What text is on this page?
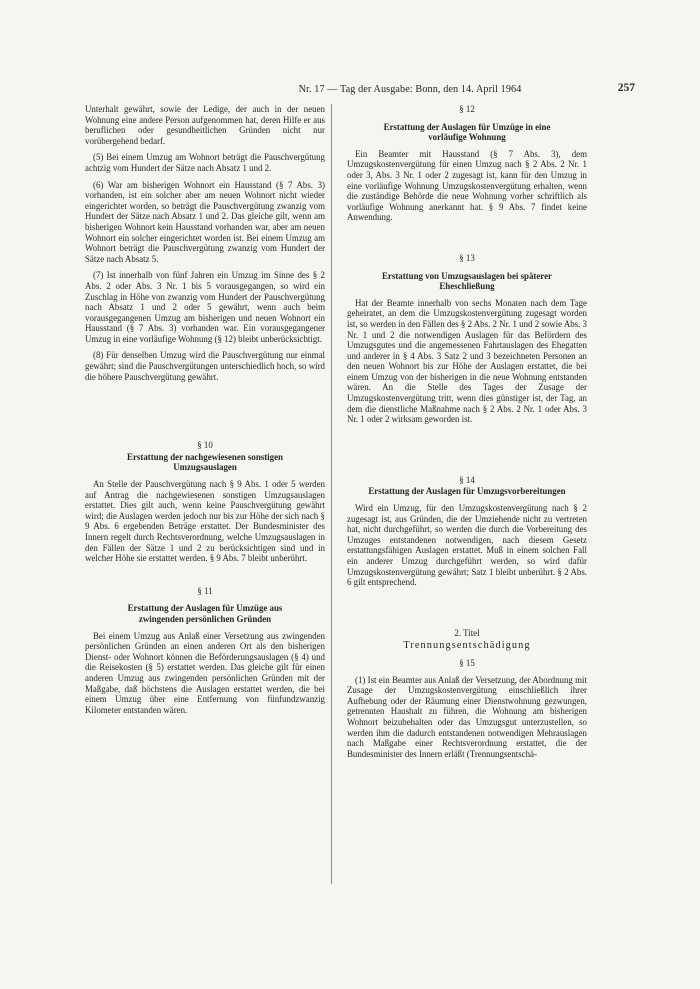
Nr. 17 — Tag der Ausgabe: Bonn, den 14. April 1964	257

Unterhalt gewährt, sowie der Ledige, der auch in der neuen Wohnung eine andere Person aufgenommen hat, deren Hilfe er aus beruflichen oder gesundheitlichen Gründen nicht nur vorübergehend bedarf.

(5) Bei einem Umzug am Wohnort beträgt die Pauschvergütung achtzig vom Hundert der Sätze nach Absatz 1 und 2.

(6) War am bisherigen Wohnort ein Hausstand (§ 7 Abs. 3) vorhanden, ist ein solcher aber am neuen Wohnort nicht wieder eingerichtet worden, so beträgt die Pauschvergütung zwanzig vom Hundert der Sätze nach Absatz 1 und 2. Das gleiche gilt, wenn am bisherigen Wohnort kein Hausstand vorhanden war, aber am neuen Wohnort ein solcher eingerichtet worden ist. Bei einem Umzug am Wohnort beträgt die Pauschvergütung zwanzig vom Hundert der Sätze nach Absatz 5.

(7) Ist innerhalb von fünf Jahren ein Umzug im Sinne des § 2 Abs. 2 oder Abs. 3 Nr. 1 bis 5 vorausgegangen, so wird ein Zuschlag in Höhe von zwanzig vom Hundert der Pauschvergütung nach Absatz 1 und 2 oder 5 gewährt, wenn auch beim vorausgegangenen Umzug am bisherigen und neuen Wohnort ein Hausstand (§ 7 Abs. 3) vorhanden war. Ein vorausgegangener Umzug in eine vorläufige Wohnung (§ 12) bleibt unberücksichtigt.

(8) Für denselben Umzug wird die Pauschvergütung nur einmal gewährt; sind die Pauschvergütungen unterschiedlich hoch, so wird die höhere Pauschvergütung gewährt.

§ 10

Erstattung der nachgewiesenen sonstigen Umzugsauslagen

An Stelle der Pauschvergütung nach § 9 Abs. 1 oder 5 werden auf Antrag die nachgewiesenen sonstigen Umzugsauslagen erstattet. Dies gilt auch, wenn keine Pauschvergütung gewährt wird; die Auslagen werden jedoch nur bis zur Höhe der sich nach § 9 Abs. 6 ergebenden Beträge erstattet. Der Bundesminister des Innern regelt durch Rechtsverordnung, welche Umzugsauslagen in den Fällen der Sätze 1 und 2 zu berücksichtigen sind und in welcher Höhe sie erstattet werden. § 9 Abs. 7 bleibt unberührt.

§ 11

Erstattung der Auslagen für Umzüge aus zwingenden persönlichen Gründen

Bei einem Umzug aus Anlaß einer Versetzung aus zwingenden persönlichen Gründen an einen anderen Ort als den bisherigen Dienst- oder Wohnort können die Beförderungsauslagen (§ 4) und die Reisekosten (§ 5) erstattet werden. Das gleiche gilt für einen anderen Umzug aus zwingenden persönlichen Gründen mit der Maßgabe, daß höchstens die Auslagen erstattet werden, die bei einem Umzug über eine Entfernung von fünfundzwanzig Kilometer entstanden wären.

§ 12

Erstattung der Auslagen für Umzüge in eine vorläufige Wohnung

Ein Beamter mit Hausstand (§ 7 Abs. 3), dem Umzugskostenvergütung für einen Umzug nach § 2 Abs. 2 Nr. 1 oder 3, Abs. 3 Nr. 1 oder 2 zugesagt ist, kann für den Umzug in eine vorläufige Wohnung Umzugskostenvergütung erhalten, wenn die zuständige Behörde die neue Wohnung vorher schriftlich als vorläufige Wohnung anerkannt hat. § 9 Abs. 7 findet keine Anwendung.

§ 13

Erstattung von Umzugsauslagen bei späterer Eheschließung

Hat der Beamte innerhalb von sechs Monaten nach dem Tage geheiratet, an dem die Umzugskostenvergütung zugesagt worden ist, so werden in den Fällen des § 2 Abs. 2 Nr. 1 und 2 sowie Abs. 3 Nr. 1 und 2 die notwendigen Auslagen für das Befördern des Umzugsgutes und die angemessenen Fahrtauslagen des Ehegatten und anderer in § 4 Abs. 3 Satz 2 und 3 bezeichneten Personen an den neuen Wohnort bis zur Höhe der Auslagen erstattet, die bei einem Umzug von der bisherigen in die neue Wohnung entstanden wären. An die Stelle des Tages der Zusage der Umzugskostenvergütung tritt, wenn dies günstiger ist, der Tag, an dem die dienstliche Maßnahme nach § 2 Abs. 2 Nr. 1 oder Abs. 3 Nr. 1 oder 2 wirksam geworden ist.

§ 14

Erstattung der Auslagen für Umzugsvorbereitungen

Wird ein Umzug, für den Umzugskostenvergütung nach § 2 zugesagt ist, aus Gründen, die der Umziehende nicht zu vertreten hat, nicht durchgeführt, so werden die durch die Vorbereitung des Umzuges entstandenen notwendigen, nach diesem Gesetz erstattungsfähigen Auslagen erstattet. Muß in einem solchen Fall ein anderer Umzug durchgeführt werden, so wird dafür Umzugskostenvergütung gewährt; Satz 1 bleibt unberührt. § 2 Abs. 6 gilt entsprechend.

2. Titel

Trennungsentschädigung

§ 15

(1) Ist ein Beamter aus Anlaß der Versetzung, der Abordnung mit Zusage der Umzugskostenvergütung einschließlich ihrer Aufhebung oder der Räumung einer Dienstwohnung gezwungen, getrennten Haushalt zu führen, die Wohnung am bisherigen Wohnort beizubehalten oder das Umzugsgut unterzustellen, so werden ihm die dadurch entstandenen notwendigen Mehrauslagen nach Maßgabe einer Rechtsverordnung erstattet, die der Bundesminister des Innern erläßt (Trennungsentschä-
